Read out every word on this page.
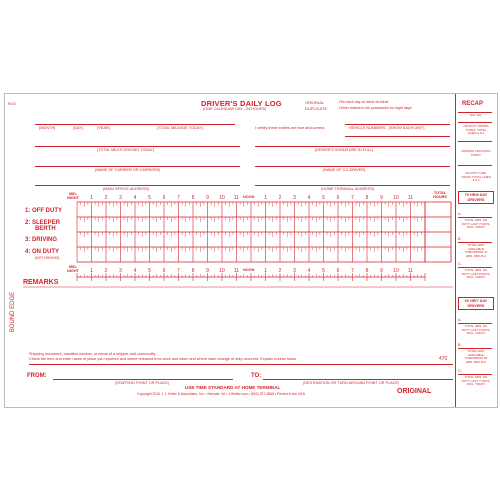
9/10
BOUND EDGE
DRIVER'S DAILY LOG
(ONE CALENDAR DAY - 24 HOURS)
ORIGINAL	- File each day at home terminal
DUPLICATE	- Driver retains in his possession for eight days
(MONTH)	(DAY)	(YEAR)	(TOTAL MILEAGE TODAY)	I certify these entries are true and correct.	VEHICLE NUMBERS - (SHOW EACH UNIT)
(TOTAL MILES DRIVING TODAY)	(DRIVER'S SIGNATURE IN FULL)
(NAME OF CARRIER OR CARRIERS)	(NAME OF CO-DRIVER)
(MAIN OFFICE ADDRESS)	(HOME TERMINAL ADDRESS)
MID-
NIGHT	NOON
TOTAL
HOURS
1	2	3	4	5	6	7	8	9	10 11	1	2	3	4	5	6	7	8	9	10 11
1	2	3	4	5	6	7	8	9	10 11	1	2	3	4	5	6	7	8	9	10 11
MID-
NIGHT	NOON
1: OFF DUTY
2: SLEEPER
BERTH
3: DRIVING
4: ON DUTY
(NOT DRIVING)
REMARKS
Shipping document, manifest number, or name of a shipper and commodity.
Check the time and enter name of place you reported and where released from work and when and where each change of duty occurred. Explain excess hours.	470
FROM:	TO:
(STARTING POINT OR PLACE)	(DESTINATION OR TURN AROUND POINT OR PLACE)
USE TIME STANDARD AT HOME TERMINAL
Copyright 2015 J. J. Keller & Associates, Inc. • Neenah, WI • JJKeller.com • (800) 327-6868 • Printed in the USA	ORIGINAL
RECAP
DAY NO.
ON DUTY HOURS TODAY, TOTAL LINES 3 & 4
DRIVING VIOLATION TODAY
ON DUTY HRS. TODAY TOTAL LINES 3 & 4
70 HR/8 DAY DRIVERS
A.
TOTAL HRS. ON DUTY LAST 7 DAYS, INCL. TODAY
B.
TOTAL HRS. AVAILABLE TOMORROW 70 HRS. MINUS A
C.
TOTAL HRS. ON DUTY LAST 8 DAYS, INCL. TODAY
60 HR/7 DAY DRIVERS
A.
TOTAL HRS. ON DUTY LAST 6 DAYS, INCL. TODAY
B.
TOTAL HRS. AVAILABLE TOMORROW 60 HRS. MINUS A
C.
TOTAL HRS. ON DUTY LAST 7 DAYS, INCL. TODAY
